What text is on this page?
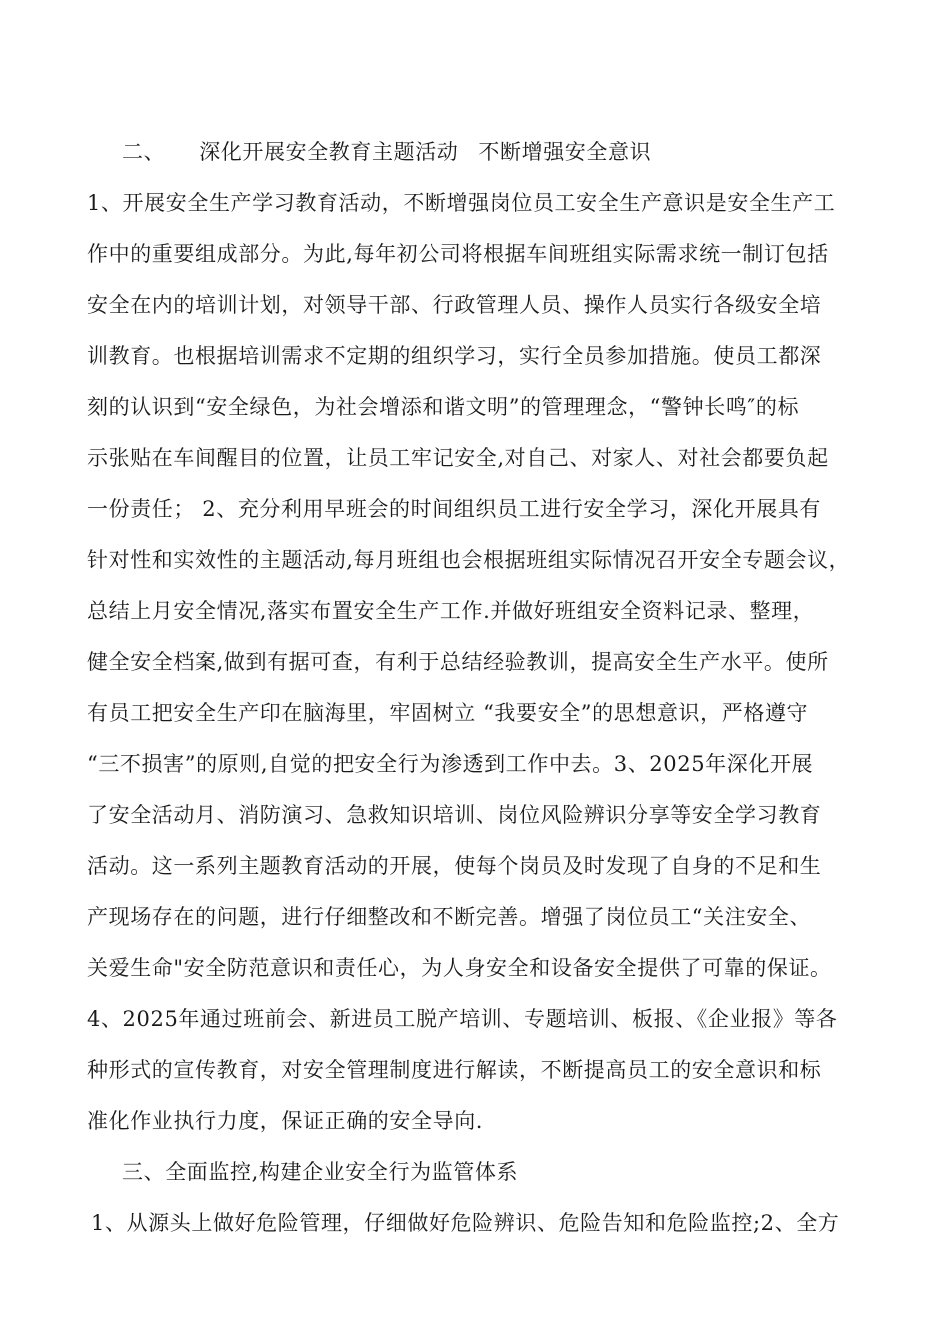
二、 深化开展安全教育主题活动 不断增强安全意识
1、开展安全生产学习教育活动，不断增强岗位员工安全生产意识是安全生产工
作中的重要组成部分。为此,每年初公司将根据车间班组实际需求统一制订包括
安全在内的培训计划，对领导干部、行政管理人员、操作人员实行各级安全培
训教育。也根据培训需求不定期的组织学习，实行全员参加措施。使员工都深
刻的认识到“安全绿色，为社会增添和谐文明”的管理理念，“警钟长鸣″的标
示张贴在车间醒目的位置，让员工牢记安全,对自己、对家人、对社会都要负起
一份责任； 2、充分利用早班会的时间组织员工进行安全学习，深化开展具有
针对性和实效性的主题活动,每月班组也会根据班组实际情况召开安全专题会议，
总结上月安全情况,落实布置安全生产工作.并做好班组安全资料记录、整理，
健全安全档案,做到有据可查，有利于总结经验教训，提高安全生产水平。使所
有员工把安全生产印在脑海里，牢固树立 “我要安全”的思想意识，严格遵守
“三不损害”的原则,自觉的把安全行为渗透到工作中去。3、2025年深化开展
了安全活动月、消防演习、急救知识培训、岗位风险辨识分享等安全学习教育
活动。这一系列主题教育活动的开展，使每个岗员及时发现了自身的不足和生
产现场存在的问题，进行仔细整改和不断完善。增强了岗位员工“关注安全、
关爱生命"安全防范意识和责任心，为人身安全和设备安全提供了可靠的保证。
4、2025年通过班前会、新进员工脱产培训、专题培训、板报、《企业报》等各
种形式的宣传教育，对安全管理制度进行解读，不断提高员工的安全意识和标
准化作业执行力度，保证正确的安全导向.
三、全面监控,构建企业安全行为监管体系
1、从源头上做好危险管理，仔细做好危险辨识、危险告知和危险监控;2、全方
